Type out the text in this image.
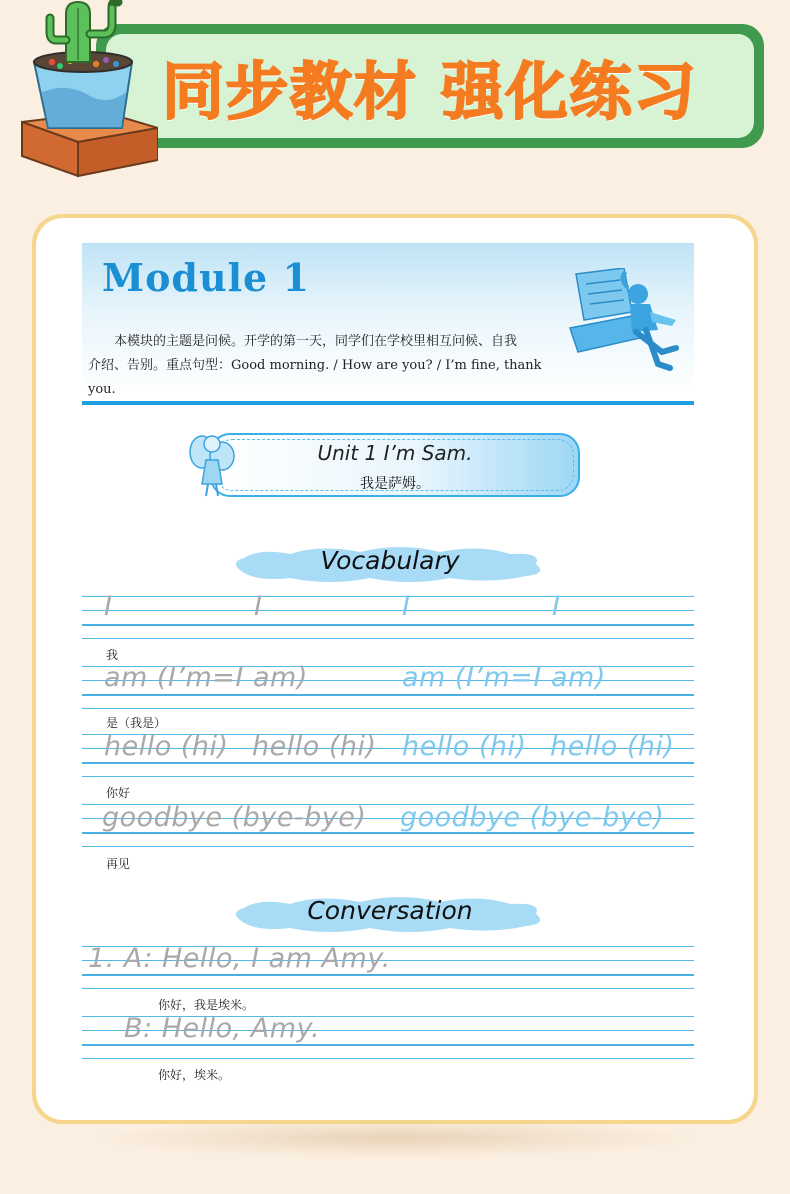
同步教材 强化练习
Module 1

本模块的主题是问候。开学的第一天，同学们在学校里相互问候、自我

介绍、告别。重点句型：Good morning. / How are you? / I’m fine, thank you.

Unit 1 I’m Sam.
我是萨姆。
Vocabulary
I	I	I	I
我
am (I’m=I am)	am (I’m=I am)
是（我是）
hello (hi) hello (hi) hello (hi) hello (hi)
你好
goodbye (bye-bye) goodbye (bye-bye)
再见
Conversation
1. A: Hello, I am Amy.
你好，我是埃米。
B: Hello, Amy.
你好，埃米。
